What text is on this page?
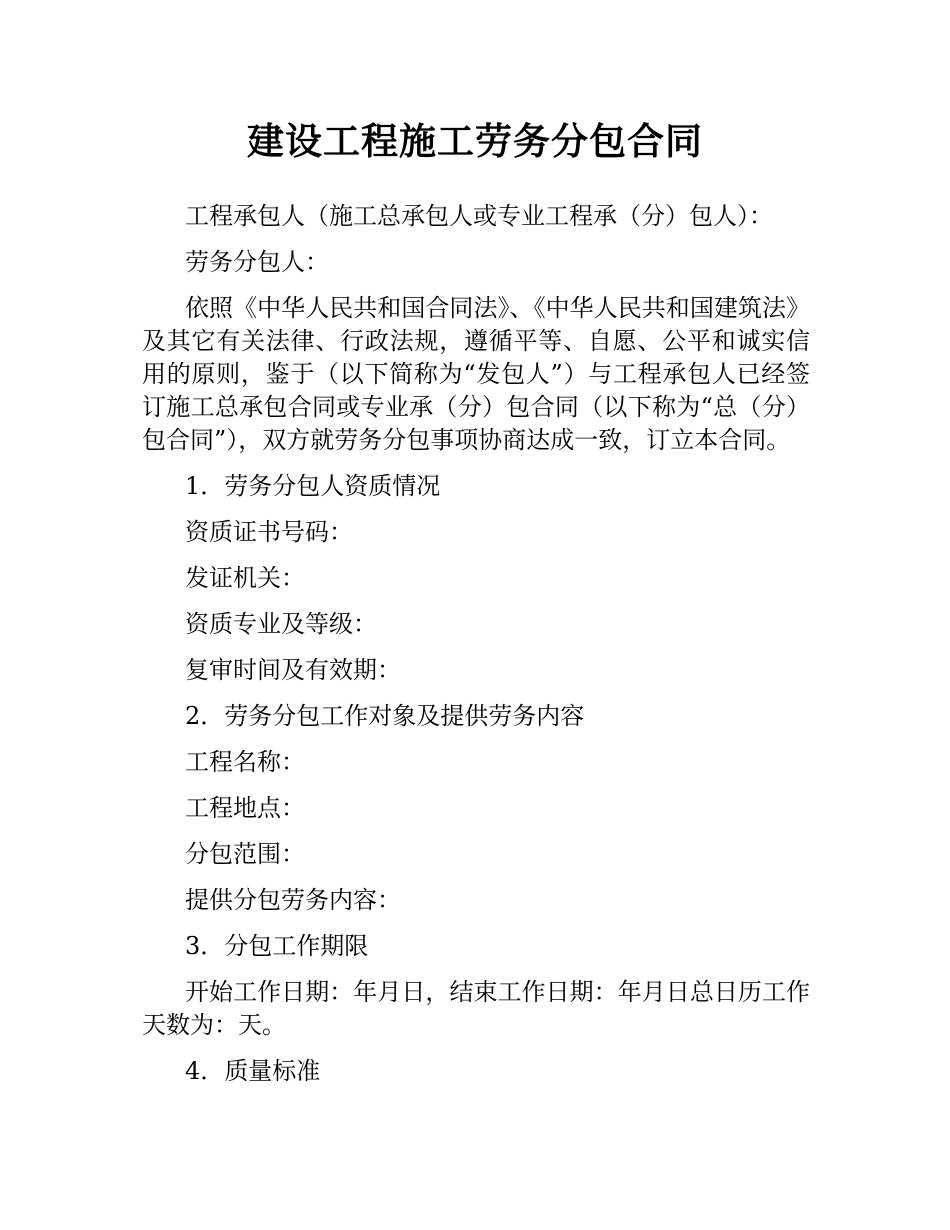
建设工程施工劳务分包合同

工程承包人（施工总承包人或专业工程承（分）包人）：

劳务分包人：

依照《中华人民共和国合同法》、《中华人民共和国建筑法》及其它有关法律、行政法规，遵循平等、自愿、公平和诚实信用的原则，鉴于（以下简称为“发包人”）与工程承包人已经签订施工总承包合同或专业承（分）包合同（以下称为“总（分）包合同”），双方就劳务分包事项协商达成一致，订立本合同。

1．劳务分包人资质情况

资质证书号码：

发证机关：

资质专业及等级：

复审时间及有效期：

2．劳务分包工作对象及提供劳务内容

工程名称：

工程地点：

分包范围：

提供分包劳务内容：

3．分包工作期限

开始工作日期：年月日，结束工作日期：年月日总日历工作天数为：天。

4．质量标准
